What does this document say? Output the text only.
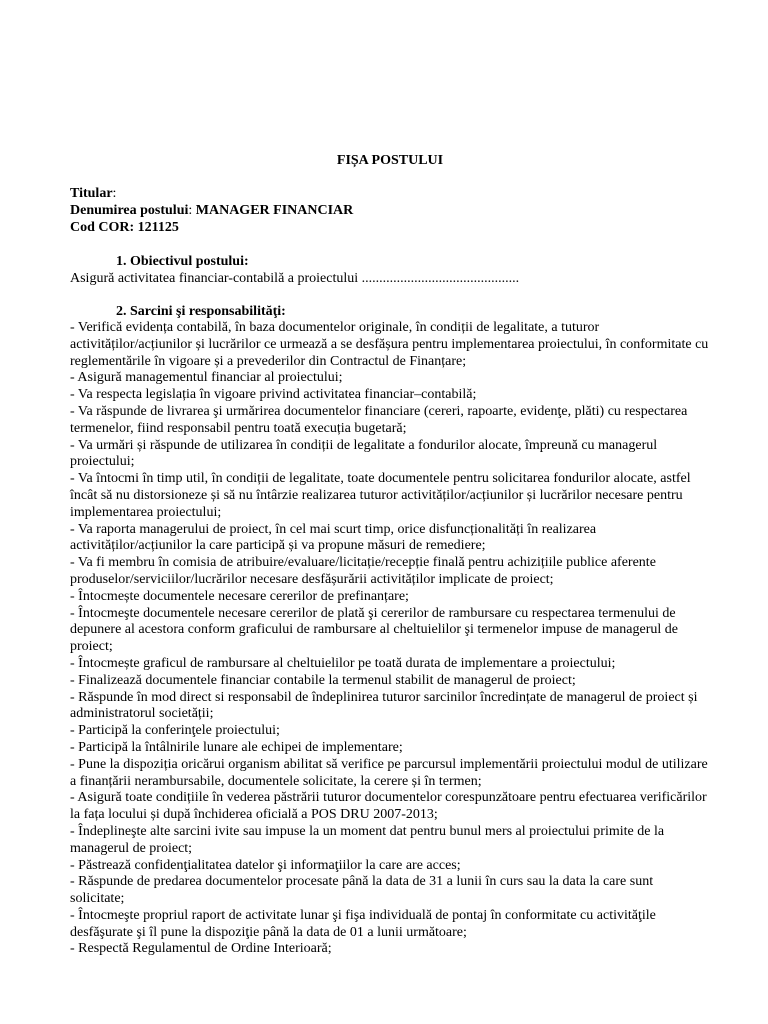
FIȘA POSTULUI
Titular:
Denumirea postului: MANAGER FINANCIAR
Cod COR: 121125
1. Obiectivul postului:
Asigură activitatea financiar-contabilă a proiectului .............................................
2. Sarcini şi responsabilităţi:
- Verifică evidența contabilă, în baza documentelor originale, în condiții de legalitate, a tuturor activităților/acțiunilor și lucrărilor ce urmează a se desfășura pentru implementarea proiectului, în conformitate cu reglementările în vigoare și a prevederilor din Contractul de Finanțare;
- Asigură managementul financiar al proiectului;
- Va respecta legislația în vigoare privind activitatea financiar–contabilă;
- Va răspunde de livrarea şi urmărirea documentelor financiare (cereri, rapoarte, evidenţe, plăti) cu respectarea termenelor, fiind responsabil pentru toată execuția bugetară;
- Va urmări și răspunde de utilizarea în condiții de legalitate a fondurilor alocate, împreună cu managerul proiectului;
- Va întocmi în timp util, în condiții de legalitate, toate documentele pentru solicitarea fondurilor alocate, astfel încât să nu distorsioneze și să nu întârzie realizarea tuturor activităților/acțiunilor și lucrărilor necesare pentru implementarea proiectului;
- Va raporta managerului de proiect, în cel mai scurt timp, orice disfuncționalități în realizarea activităților/acțiunilor la care participă și va propune măsuri de remediere;
- Va fi membru în comisia de atribuire/evaluare/licitație/recepție finală pentru achizițiile publice aferente produselor/serviciilor/lucrărilor necesare desfășurării activităților implicate de proiect;
- Întocmește documentele necesare cererilor de prefinanțare;
- Întocmeşte documentele necesare cererilor de plată şi cererilor de rambursare cu respectarea termenului de depunere al acestora conform graficului de rambursare al cheltuielilor şi termenelor impuse de managerul de proiect;
- Întocmește graficul de rambursare al cheltuielilor pe toată durata de implementare a proiectului;
- Finalizează documentele financiar contabile la termenul stabilit de managerul de proiect;
- Răspunde în mod direct si responsabil de îndeplinirea tuturor sarcinilor încredințate de managerul de proiect și administratorul societății;
- Participă la conferinţele proiectului;
- Participă la întâlnirile lunare ale echipei de implementare;
- Pune la dispoziția oricărui organism abilitat să verifice pe parcursul implementării proiectului modul de utilizare a finanțării nerambursabile, documentele solicitate, la cerere și în termen;
- Asigură toate condițiile în vederea păstrării tuturor documentelor corespunzătoare pentru efectuarea verificărilor la fața locului și după închiderea oficială a POS DRU 2007-2013;
- Îndeplineşte alte sarcini ivite sau impuse la un moment dat pentru bunul mers al proiectului primite de la managerul de proiect;
- Păstrează confidenţialitatea datelor şi informaţiilor la care are acces;
- Răspunde de predarea documentelor procesate până la data de 31 a lunii în curs sau la data la care sunt solicitate;
- Întocmeşte propriul raport de activitate lunar şi fişa individuală de pontaj în conformitate cu activităţile desfăşurate şi îl pune la dispoziţie până la data de 01 a lunii următoare;
- Respectă Regulamentul de Ordine Interioară;
